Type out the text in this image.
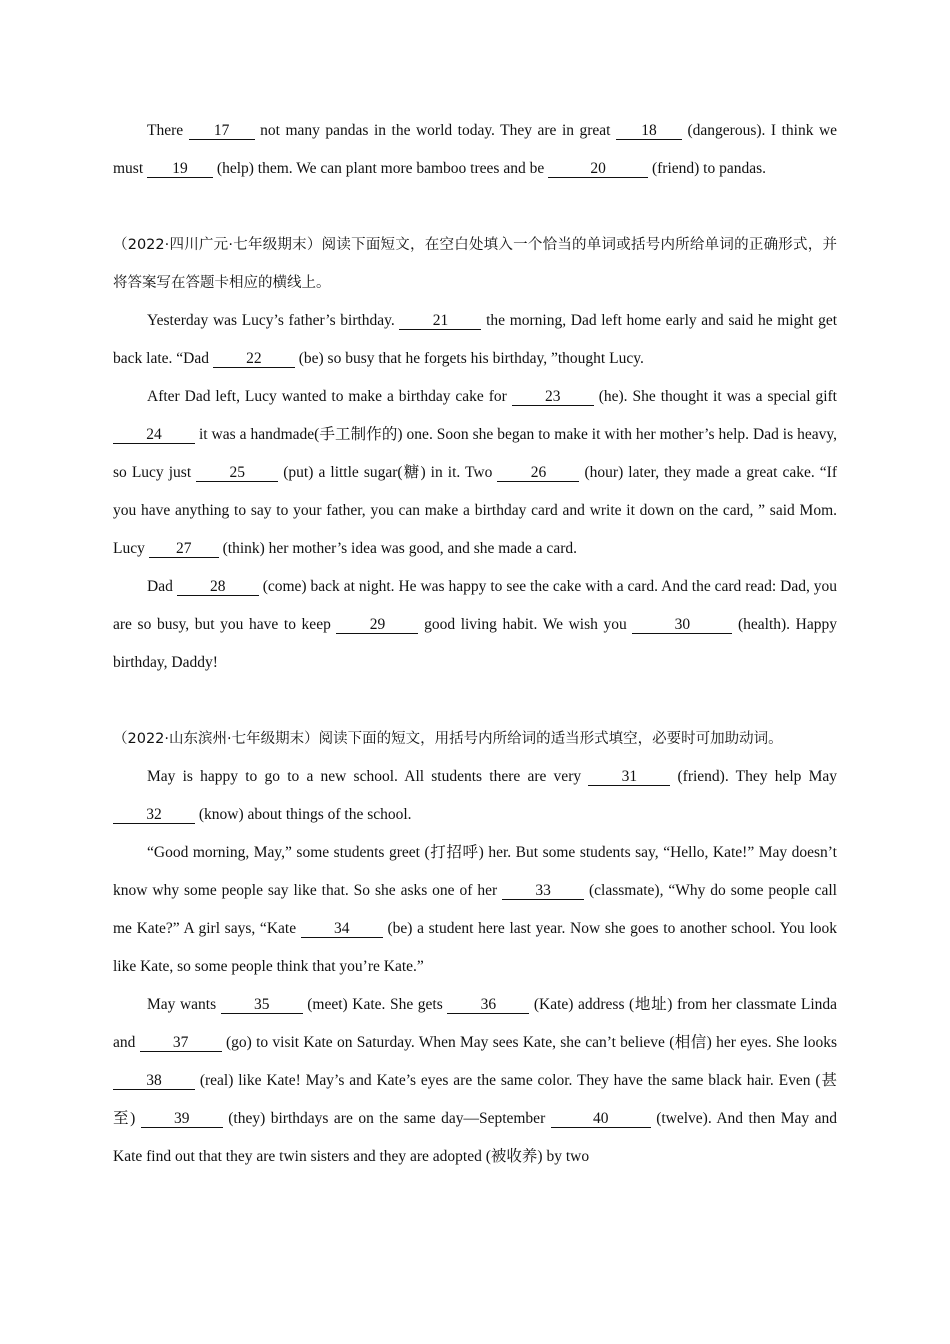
There 17 not many pandas in the world today. They are in great 18 (dangerous). I think we must 19 (help) them. We can plant more bamboo trees and be	20	(friend) to pandas.

（2022·四川广元·七年级期末）阅读下面短文，在空白处填入一个恰当的单词或括号内所给单词的正确形式，并将答案写在答题卡相应的横线上。

Yesterday was Lucy’s father’s birthday. 21 the morning, Dad left home early and said he might get back late. “Dad 22 (be) so busy that he forgets his birthday, ”thought Lucy.

After Dad left, Lucy wanted to make a birthday cake for 23 (he). She thought it was a special gift 24 it was a handmade(手工制作的) one. Soon she began to make it with her mother’s help. Dad is heavy, so Lucy just 25 (put) a little sugar(糖) in it. Two 26 (hour) later, they made a great cake. “If you have anything to say to your father, you can make a birthday card and write it down on the card, ” said Mom. Lucy 27 (think) her mother’s idea was good, and she made a card.

Dad 28 (come) back at night. He was happy to see the cake with a card. And the card read: Dad, you are so busy, but you have to keep 29 good living habit. We wish you	30	(health). Happy birthday, Daddy!

（2022·山东滨州·七年级期末）阅读下面的短文，用括号内所给词的适当形式填空，必要时可加助动词。

May is happy to go to a new school. All students there are very 31 (friend). They help May 32 (know) about things of the school.

“Good morning, May,” some students greet (打招呼) her. But some students say, “Hello, Kate!” May doesn’t know why some people say like that. So she asks one of her 33 (classmate), “Why do some people call me Kate?” A girl says, “Kate 34 (be) a student here last year. Now she goes to another school. You look like Kate, so some people think that you’re Kate.”

May wants 35 (meet) Kate. She gets 36 (Kate) address (地址) from her classmate Linda and 37 (go) to visit Kate on Saturday. When May sees Kate, she can’t believe (相信) her eyes. She looks 38 (real) like Kate! May’s and Kate’s eyes are the same color. They have the same black hair. Even (甚至) 39 (they) birthdays are on the same day—September	40	(twelve). And then May and Kate find out that they are twin sisters and they are adopted (被收养) by two
